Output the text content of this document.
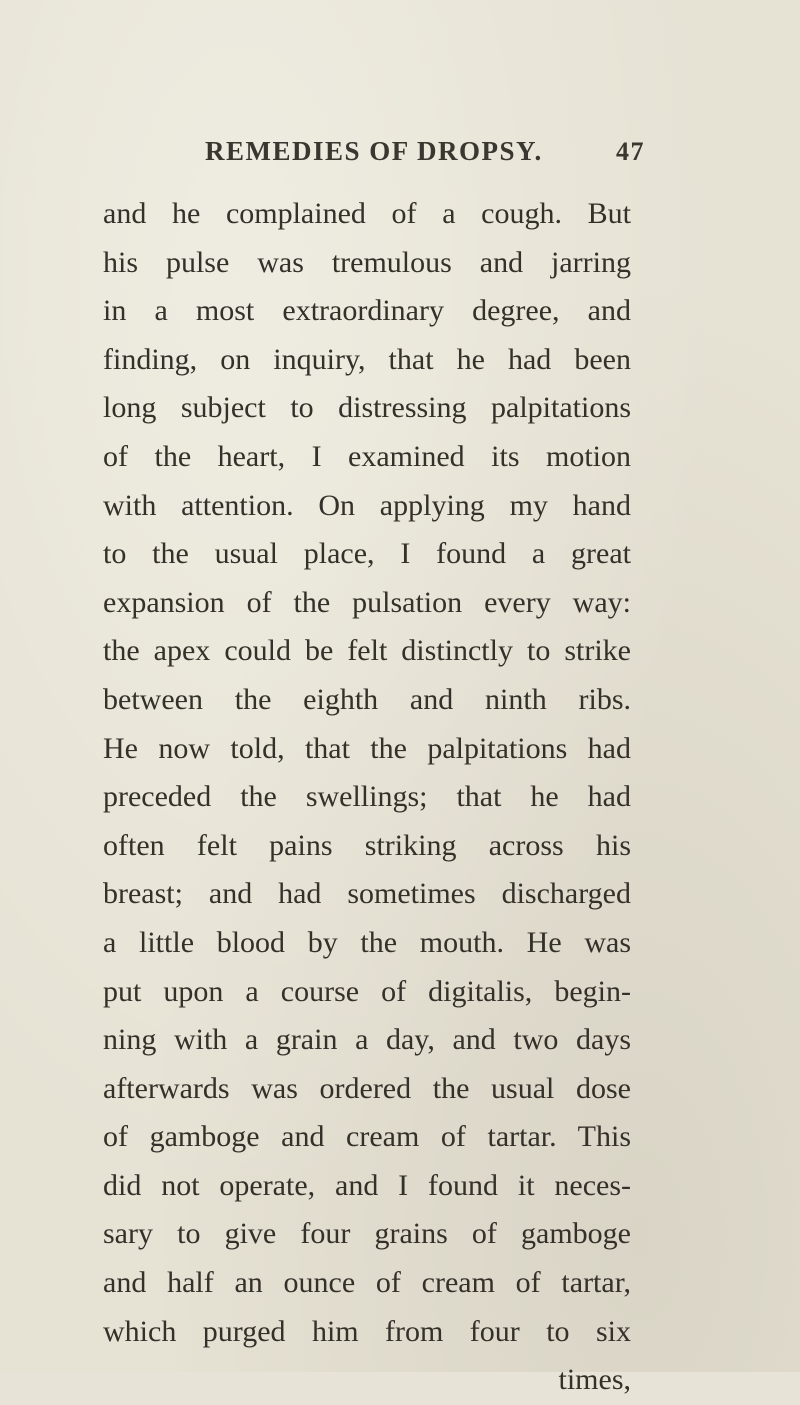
REMEDIES OF DROPSY.	47
and he complained of a cough. But
his pulse was tremulous and jarring
in a most extraordinary degree, and
finding, on inquiry, that he had been
long subject to distressing palpitations
of the heart, I examined its motion
with attention. On applying my hand
to the usual place, I found a great
expansion of the pulsation every way:
the apex could be felt distinctly to strike
between the eighth and ninth ribs.
He now told, that the palpitations had
preceded the swellings; that he had
often felt pains striking across his
breast; and had sometimes discharged
a little blood by the mouth. He was
put upon a course of digitalis, begin-
ning with a grain a day, and two days
afterwards was ordered the usual dose
of gamboge and cream of tartar. This
did not operate, and I found it neces-
sary to give four grains of gamboge
and half an ounce of cream of tartar,
which purged him from four to six
times,
